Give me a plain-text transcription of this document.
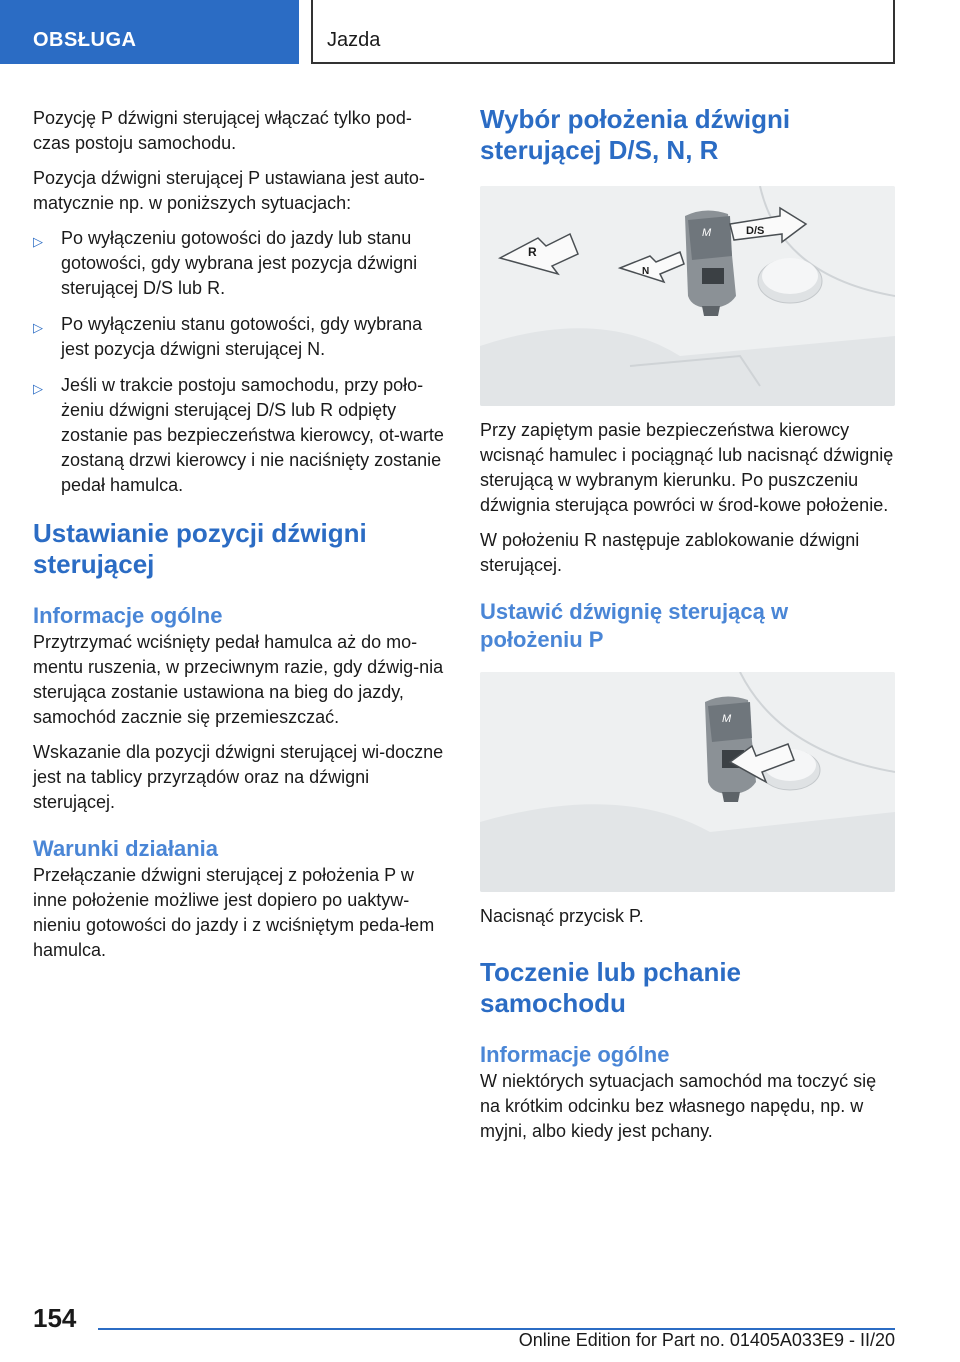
OBSŁUGA	Jazda

Pozycję P dźwigni sterującej włączać tylko pod‐czas postoju samochodu.

Pozycja dźwigni sterującej P ustawiana jest auto‐matycznie np. w poniższych sytuacjach:

▷ Po wyłączeniu gotowości do jazdy lub stanu gotowości, gdy wybrana jest pozycja dźwigni sterującej D/S lub R.
▷ Po wyłączeniu stanu gotowości, gdy wybrana jest pozycja dźwigni sterującej N.
▷ Jeśli w trakcie postoju samochodu, przy poło‐żeniu dźwigni sterującej D/S lub R odpięty zostanie pas bezpieczeństwa kierowcy, ot‐warte zostaną drzwi kierowcy i nie naciśnięty zostanie pedał hamulca.
Ustawianie pozycji dźwigni sterującej
Informacje ogólne

Przytrzymać wciśnięty pedał hamulca aż do mo‐mentu ruszenia, w przeciwnym razie, gdy dźwig‐nia sterująca zostanie ustawiona na bieg do jazdy, samochód zacznie się przemieszczać.

Wskazanie dla pozycji dźwigni sterującej wi‐doczne jest na tablicy przyrządów oraz na dźwigni sterującej.

Warunki działania

Przełączanie dźwigni sterującej z położenia P w inne położenie możliwe jest dopiero po uaktyw‐nieniu gotowości do jazdy i z wciśniętym peda‐łem hamulca.

Wybór położenia dźwigni sterującej D/S, N, R
M
R
N
D/S

Przy zapiętym pasie bezpieczeństwa kierowcy wcisnąć hamulec i pociągnąć lub nacisnąć dźwignię sterującą w wybranym kierunku. Po puszczeniu dźwignia sterująca powróci w środ‐kowe położenie.

W położeniu R następuje zablokowanie dźwigni sterującej.

Ustawić dźwignię sterującą w położeniu P
M

Nacisnąć przycisk P.

Toczenie lub pchanie samochodu
Informacje ogólne

W niektórych sytuacjach samochód ma toczyć się na krótkim odcinku bez własnego napędu, np. w myjni, albo kiedy jest pchany.

154
Online Edition for Part no. 01405A033E9 - II/20
